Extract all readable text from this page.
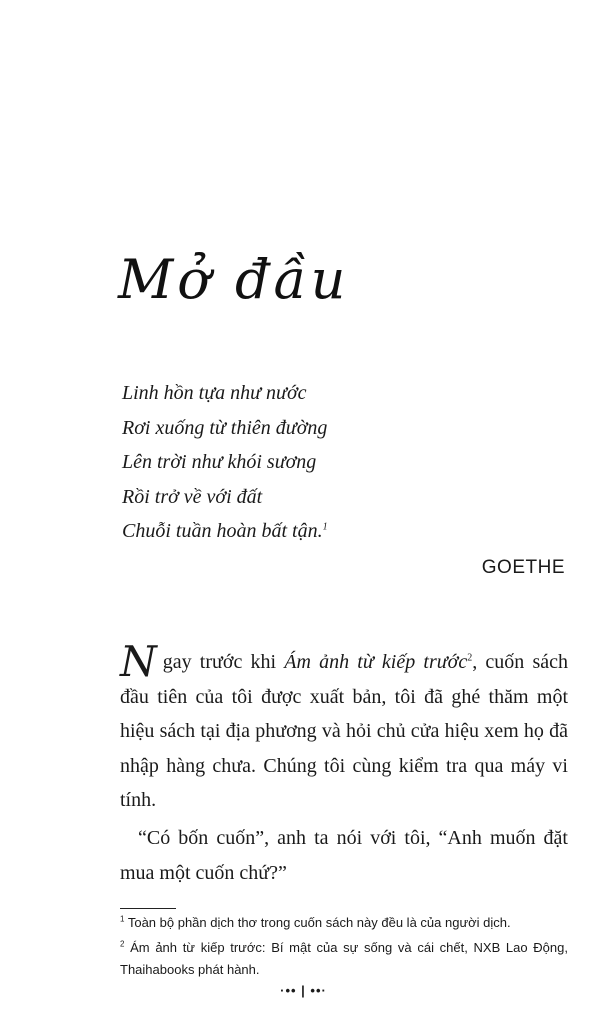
Mở đầu
Linh hồn tựa như nước
Rơi xuống từ thiên đường
Lên trời như khói sương
Rồi trở về với đất
Chuỗi tuần hoàn bất tận.$^1$
GOETHE

Ngay trước khi Ám ảnh từ kiếp trước$^2$, cuốn sách đầu tiên của tôi được xuất bản, tôi đã ghé thăm một hiệu sách tại địa phương và hỏi chủ cửa hiệu xem họ đã nhập hàng chưa. Chúng tôi cùng kiểm tra qua máy vi tính.

“Có bốn cuốn”, anh ta nói với tôi, “Anh muốn đặt mua một cuốn chứ?”

$^1$ Toàn bộ phần dịch thơ trong cuốn sách này đều là của người dịch.
$^2$ Ám ảnh từ kiếp trước: Bí mật của sự sống và cái chết, NXB Lao Động, Thaihabooks phát hành.
·•• | ••·
